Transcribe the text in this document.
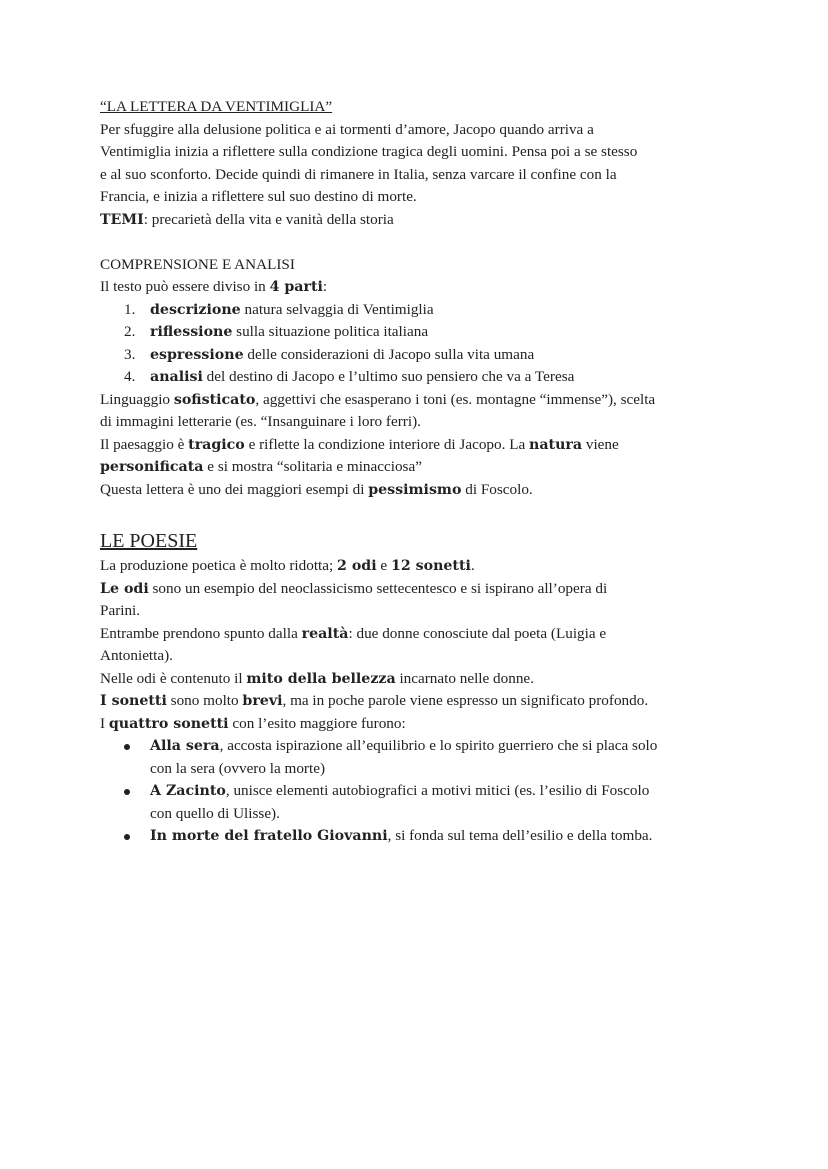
“LA LETTERA DA VENTIMIGLIA”

Per sfuggire alla delusione politica e ai tormenti d’amore, Jacopo quando arriva a
Ventimiglia inizia a riflettere sulla condizione tragica degli uomini. Pensa poi a se stesso
e al suo sconforto. Decide quindi di rimanere in Italia, senza varcare il confine con la
Francia, e inizia a riflettere sul suo destino di morte.

TEMI: precarietà della vita e vanità della storia

COMPRENSIONE E ANALISI

Il testo può essere diviso in 4 parti:

1. descrizione natura selvaggia di Ventimiglia
2. riflessione sulla situazione politica italiana
3. espressione delle considerazioni di Jacopo sulla vita umana
4. analisi del destino di Jacopo e l’ultimo suo pensiero che va a Teresa

Linguaggio sofisticato, aggettivi che esasperano i toni (es. montagne “immense”), scelta
di immagini letterarie (es. “Insanguinare i loro ferri).

Il paesaggio è tragico e riflette la condizione interiore di Jacopo. La natura viene
personificata e si mostra “solitaria e minacciosa”

Questa lettera è uno dei maggiori esempi di pessimismo di Foscolo.

LE POESIE

La produzione poetica è molto ridotta; 2 odi e 12 sonetti.

Le odi sono un esempio del neoclassicismo settecentesco e si ispirano all’opera di
Parini.

Entrambe prendono spunto dalla realtà: due donne conosciute dal poeta (Luigia e
Antonietta).

Nelle odi è contenuto il mito della bellezza incarnato nelle donne.

I sonetti sono molto brevi, ma in poche parole viene espresso un significato profondo.

I quattro sonetti con l’esito maggiore furono:

Alla sera, accosta ispirazione all’equilibrio e lo spirito guerriero che si placa solo
con la sera (ovvero la morte)
A Zacinto, unisce elementi autobiografici a motivi mitici (es. l’esilio di Foscolo
con quello di Ulisse).
In morte del fratello Giovanni, si fonda sul tema dell’esilio e della tomba.
